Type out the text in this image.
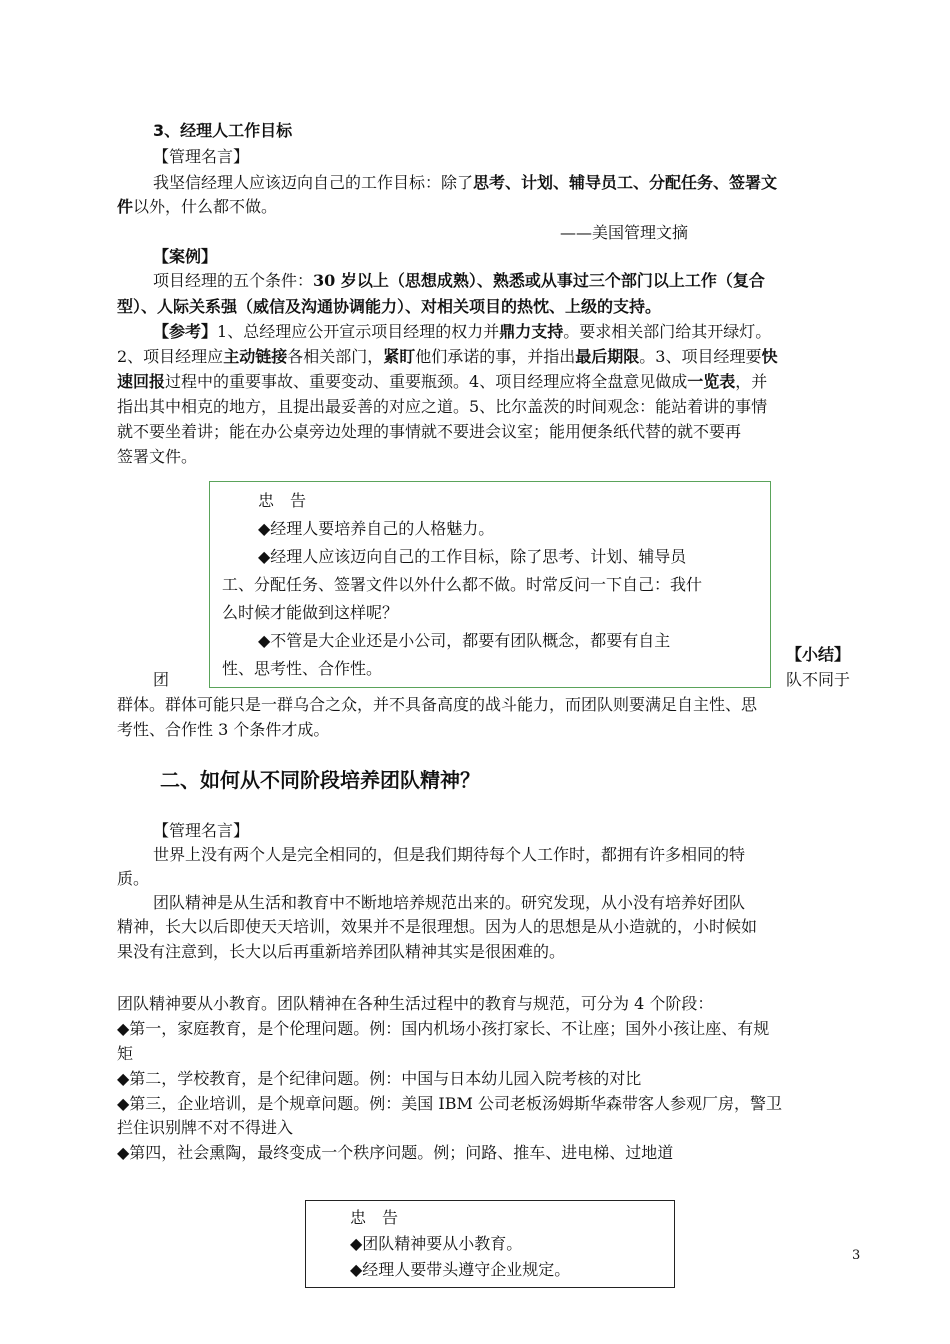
3、经理人工作目标
【管理名言】
我坚信经理人应该迈向自己的工作目标：除了思考、计划、辅导员工、分配任务、签署文
件以外，什么都不做。
——美国管理文摘
【案例】
项目经理的五个条件：30 岁以上（思想成熟）、熟悉或从事过三个部门以上工作（复合
型）、人际关系强（威信及沟通协调能力）、对相关项目的热忱、上级的支持。
【参考】1、总经理应公开宣示项目经理的权力并鼎力支持。要求相关部门给其开绿灯。
2、项目经理应主动链接各相关部门，紧盯他们承诺的事，并指出最后期限。3、项目经理要快
速回报过程中的重要事故、重要变动、重要瓶颈。4、项目经理应将全盘意见做成一览表，并
指出其中相克的地方，且提出最妥善的对应之道。5、比尔盖茨的时间观念：能站着讲的事情
就不要坐着讲；能在办公桌旁边处理的事情就不要进会议室；能用便条纸代替的就不要再
签署文件。
忠　告
◆经理人要培养自己的人格魅力。
◆经理人应该迈向自己的工作目标，除了思考、计划、辅导员
工、分配任务、签署文件以外什么都不做。时常反问一下自己：我什
么时候才能做到这样呢？
◆不管是大企业还是小公司，都要有团队概念，都要有自主
性、思考性、合作性。
【小结】
团	队不同于
群体。群体可能只是一群乌合之众，并不具备高度的战斗能力，而团队则要满足自主性、思
考性、合作性 3 个条件才成。
二、如何从不同阶段培养团队精神？
【管理名言】
世界上没有两个人是完全相同的，但是我们期待每个人工作时，都拥有许多相同的特
质。
团队精神是从生活和教育中不断地培养规范出来的。研究发现，从小没有培养好团队
精神，长大以后即使天天培训，效果并不是很理想。因为人的思想是从小造就的，小时候如
果没有注意到，长大以后再重新培养团队精神其实是很困难的。
团队精神要从小教育。团队精神在各种生活过程中的教育与规范，可分为 4 个阶段：
◆第一，家庭教育，是个伦理问题。例：国内机场小孩打家长、不让座；国外小孩让座、有规
矩
◆第二，学校教育，是个纪律问题。例：中国与日本幼儿园入院考核的对比
◆第三，企业培训，是个规章问题。例：美国 IBM 公司老板汤姆斯华森带客人参观厂房，警卫
拦住识别牌不对不得进入
◆第四，社会熏陶，最终变成一个秩序问题。例；问路、推车、进电梯、过地道
忠　告
◆团队精神要从小教育。
◆经理人要带头遵守企业规定。
3
